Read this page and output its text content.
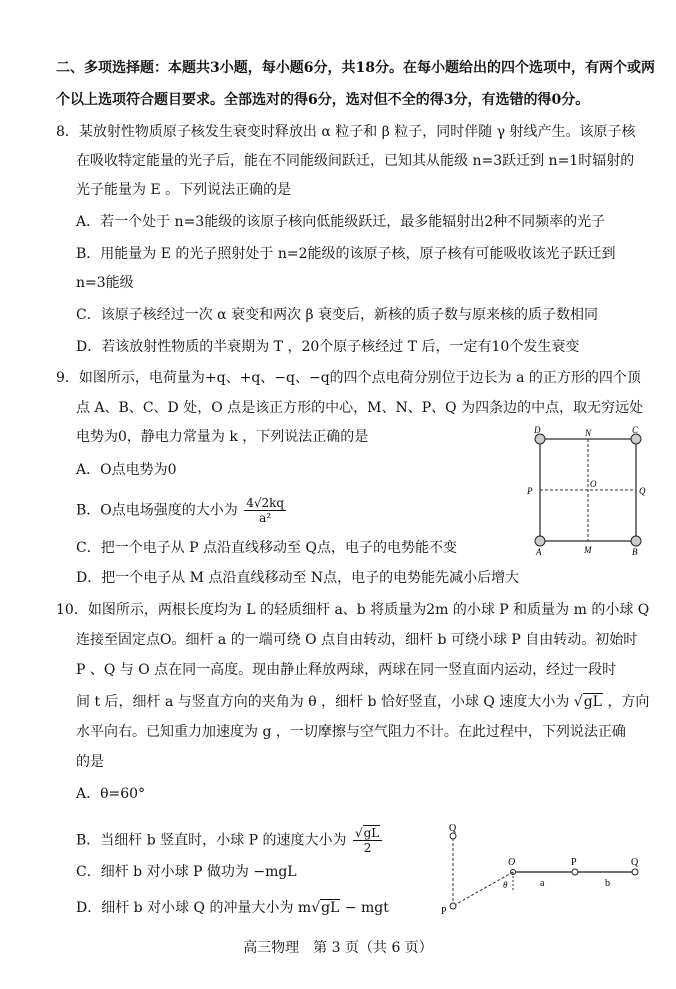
二、多项选择题：本题共3小题，每小题6分，共18分。在每小题给出的四个选项中，有两个或两
个以上选项符合题目要求。全部选对的得6分，选对但不全的得3分，有选错的得0分。
8．某放射性物质原子核发生衰变时释放出 α 粒子和 β 粒子，同时伴随 γ 射线产生。该原子核
在吸收特定能量的光子后，能在不同能级间跃迁，已知其从能级 n=3跃迁到 n=1时辐射的
光子能量为 E 。下列说法正确的是
A．若一个处于 n=3能级的该原子核向低能级跃迁，最多能辐射出2种不同频率的光子
B．用能量为 E 的光子照射处于 n=2能级的该原子核，原子核有可能吸收该光子跃迁到
n=3能级
C．该原子核经过一次 α 衰变和两次 β 衰变后，新核的质子数与原来核的质子数相同
D．若该放射性物质的半衰期为 T ，20个原子核经过 T 后，一定有10个发生衰变
9．如图所示，电荷量为+q、+q、−q、−q的四个点电荷分别位于边长为 a 的正方形的四个顶
点 A、B、C、D 处，O 点是该正方形的中心，M、N、P、Q 为四条边的中点，取无穷远处
电势为0，静电力常量为 k ，下列说法正确的是
A．O点电势为0
B．O点电场强度的大小为 $\frac{4√2kq}{\text{a²}}$
C．把一个电子从 P 点沿直线移动至 Q点，电子的电势能不变
D．把一个电子从 M 点沿直线移动至 N点，电子的电势能先减小后增大
D	N	C
P
O
Q
A	M	B
10．如图所示，两根长度均为 L 的轻质细杆 a、b 将质量为2m 的小球 P 和质量为 m 的小球 Q
连接至固定点O。细杆 a 的一端可绕 O 点自由转动，细杆 b 可绕小球 P 自由转动。初始时
P 、Q 与 O 点在同一高度。现由静止释放两球，两球在同一竖直面内运动，经过一段时
间 t 后，细杆 a 与竖直方向的夹角为 θ ，细杆 b 恰好竖直，小球 Q 速度大小为 √gL ，方向
水平向右。已知重力加速度为 g ，一切摩擦与空气阻力不计。在此过程中，下列说法正确
的是
A．θ=60°
B．当细杆 b 竖直时，小球 P 的速度大小为 $\frac{√gL}{2}$
C．细杆 b 对小球 P 做功为 −mgL
D．细杆 b 对小球 Q 的冲量大小为 m√gL − mgt
Q
O	P	Q
θ	a	b
P
高三物理　第 3 页（共 6 页）
